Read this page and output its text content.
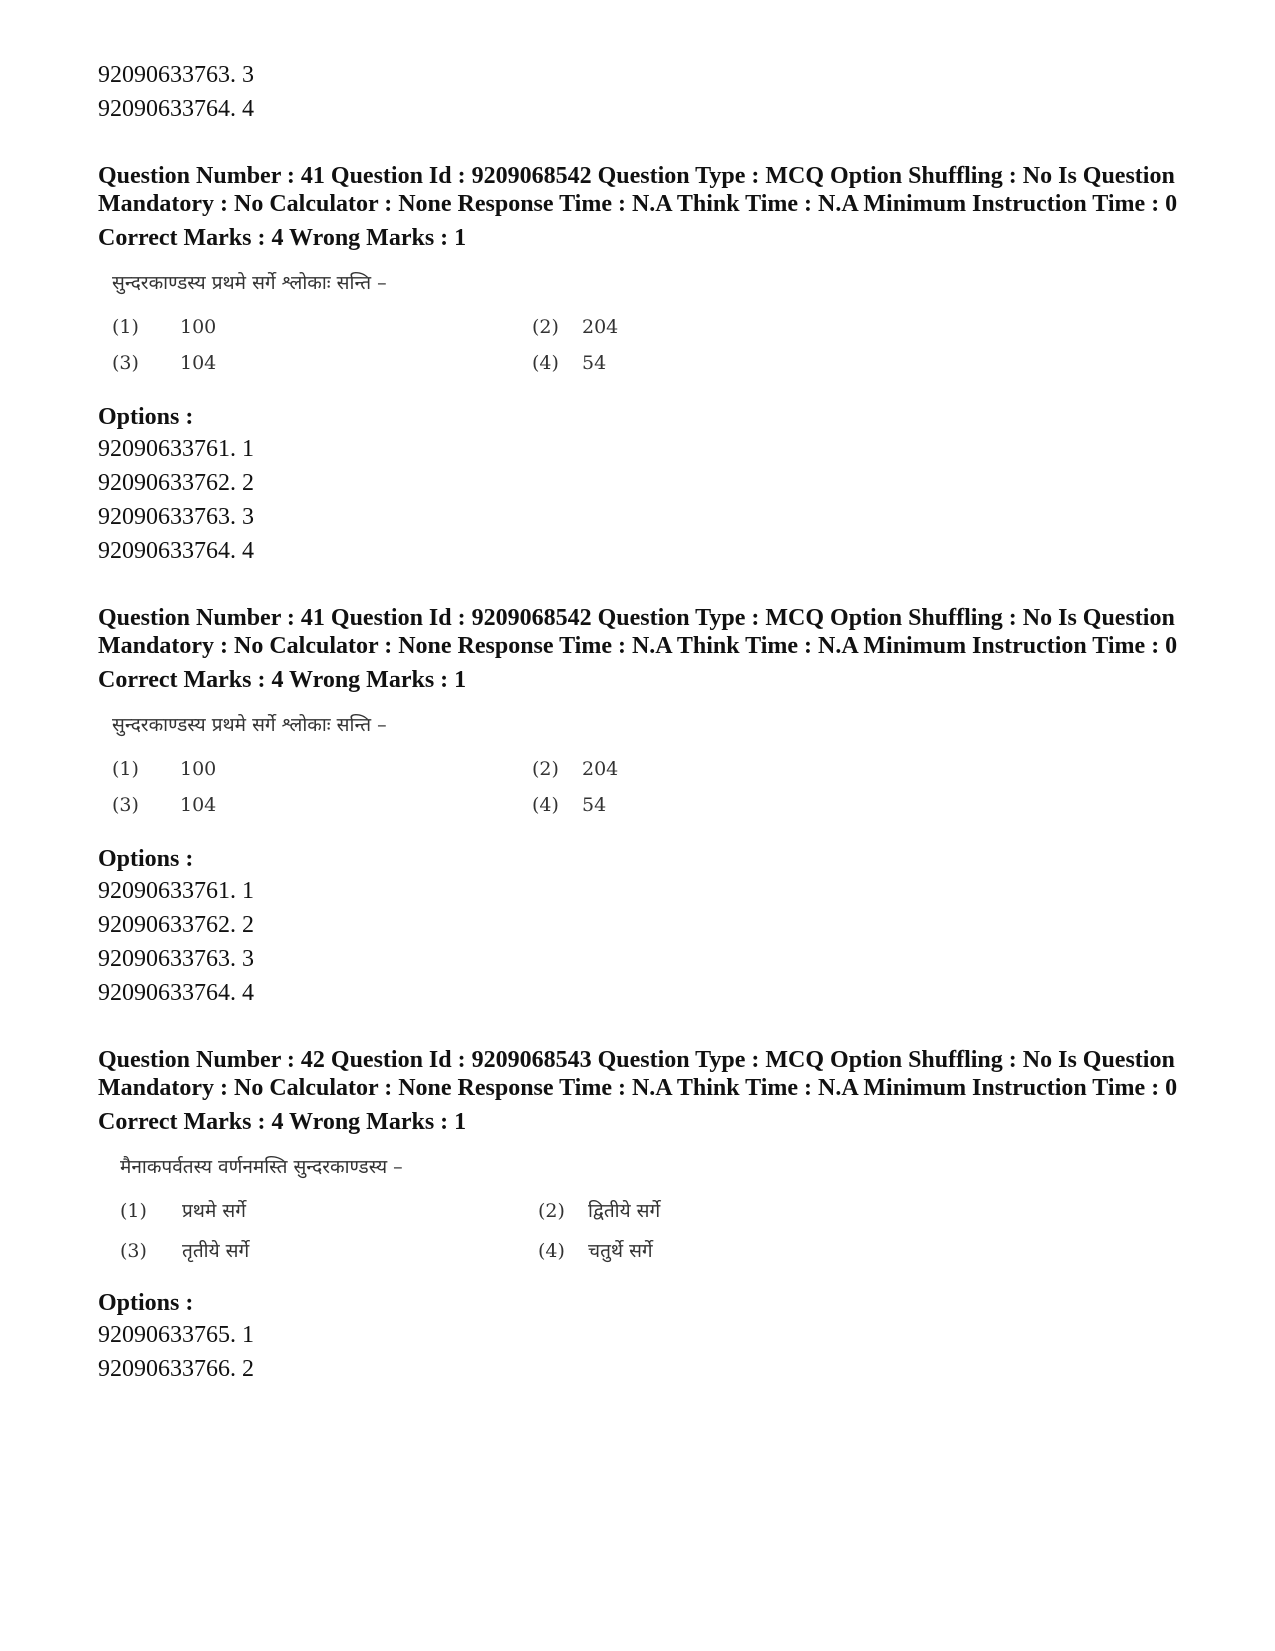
92090633763. 3
92090633764. 4

Question Number : 41 Question Id : 9209068542 Question Type : MCQ Option Shuffling : No Is Question Mandatory : No Calculator : None Response Time : N.A Think Time : N.A Minimum Instruction Time : 0

Correct Marks : 4 Wrong Marks : 1
सुन्दरकाण्डस्य प्रथमे सर्गे श्लोकाः सन्ति –
(1)	100	(2)	204
(3)	104	(4)	54
Options :
92090633761. 1
92090633762. 2
92090633763. 3
92090633764. 4

Question Number : 41 Question Id : 9209068542 Question Type : MCQ Option Shuffling : No Is Question Mandatory : No Calculator : None Response Time : N.A Think Time : N.A Minimum Instruction Time : 0

Correct Marks : 4 Wrong Marks : 1
सुन्दरकाण्डस्य प्रथमे सर्गे श्लोकाः सन्ति –
(1)	100	(2)	204
(3)	104	(4)	54
Options :
92090633761. 1
92090633762. 2
92090633763. 3
92090633764. 4

Question Number : 42 Question Id : 9209068543 Question Type : MCQ Option Shuffling : No Is Question Mandatory : No Calculator : None Response Time : N.A Think Time : N.A Minimum Instruction Time : 0

Correct Marks : 4 Wrong Marks : 1
मैनाकपर्वतस्य वर्णनमस्ति सुन्दरकाण्डस्य –
(1)	प्रथमे सर्गे	(2)	द्वितीये सर्गे
(3)	तृतीये सर्गे	(4)	चतुर्थे सर्गे
Options :
92090633765. 1
92090633766. 2
